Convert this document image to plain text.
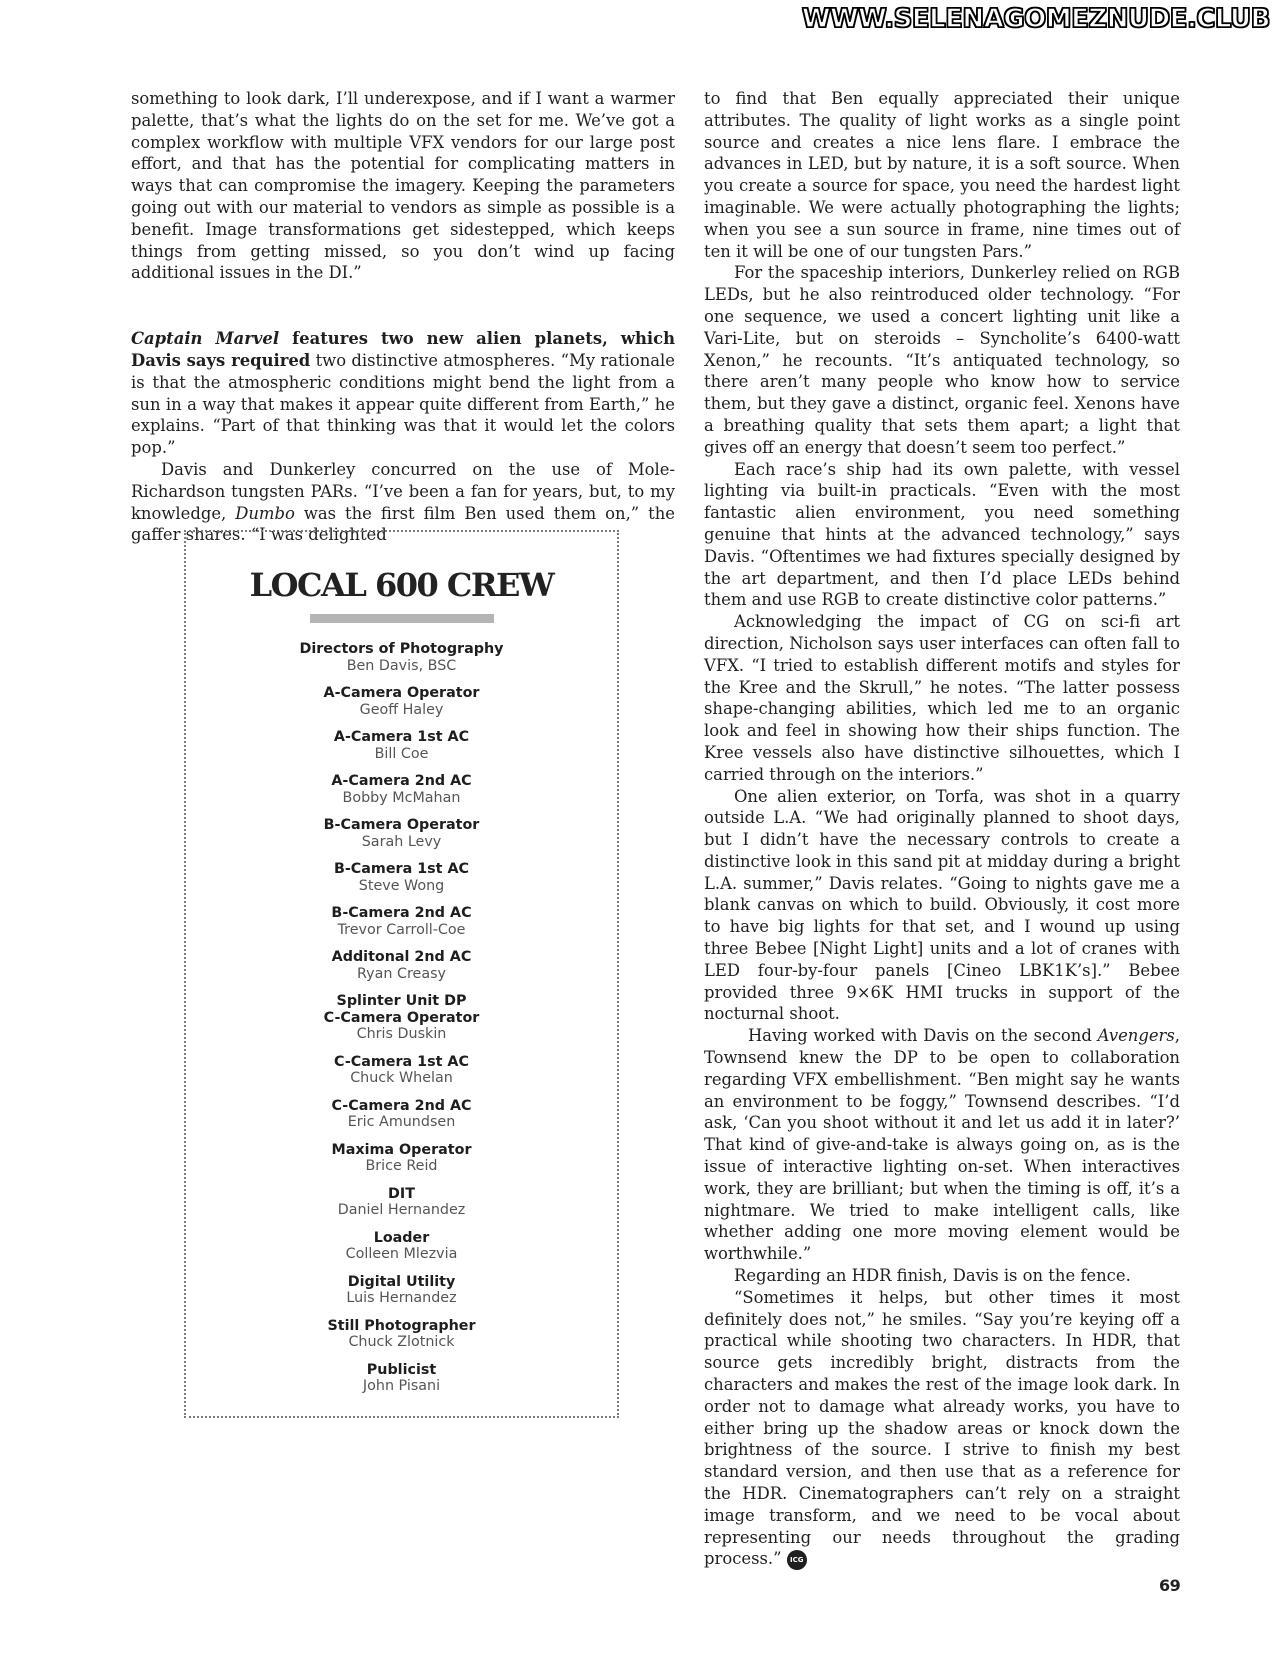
WWW.SELENAGOMEZNUDE.CLUB

something to look dark, I’ll underexpose, and if I want a warmer palette, that’s what the lights do on the set for me. We’ve got a complex workflow with multiple VFX vendors for our large post effort, and that has the potential for complicating matters in ways that can compromise the imagery. Keeping the parameters going out with our material to vendors as simple as possible is a benefit. Image transformations get sidestepped, which keeps things from getting missed, so you don’t wind up facing additional issues in the DI.”

Captain Marvel features two new alien planets, which Davis says required two distinctive atmospheres. “My rationale is that the atmospheric conditions might bend the light from a sun in a way that makes it appear quite different from Earth,” he explains. “Part of that thinking was that it would let the colors pop.”

Davis and Dunkerley concurred on the use of Mole-Richardson tungsten PARs. “I’ve been a fan for years, but, to my knowledge, Dumbo was the first film Ben used them on,” the gaffer shares. “I was delighted

LOCAL 600 CREW
Directors of Photography
Ben Davis, BSC
A-Camera Operator
Geoff Haley
A-Camera 1st AC
Bill Coe
A-Camera 2nd AC
Bobby McMahan
B-Camera Operator
Sarah Levy
B-Camera 1st AC
Steve Wong
B-Camera 2nd AC
Trevor Carroll-Coe
Additonal 2nd AC
Ryan Creasy
Splinter Unit DP
C-Camera Operator
Chris Duskin
C-Camera 1st AC
Chuck Whelan
C-Camera 2nd AC
Eric Amundsen
Maxima Operator
Brice Reid
DIT
Daniel Hernandez
Loader
Colleen Mlezvia
Digital Utility
Luis Hernandez
Still Photographer
Chuck Zlotnick
Publicist
John Pisani

to find that Ben equally appreciated their unique attributes. The quality of light works as a single point source and creates a nice lens flare. I embrace the advances in LED, but by nature, it is a soft source. When you create a source for space, you need the hardest light imaginable. We were actually photographing the lights; when you see a sun source in frame, nine times out of ten it will be one of our tungsten Pars.”

For the spaceship interiors, Dunkerley relied on RGB LEDs, but he also reintroduced older technology. “For one sequence, we used a concert lighting unit like a Vari-Lite, but on steroids – Syncholite’s 6400-watt Xenon,” he recounts. “It’s antiquated technology, so there aren’t many people who know how to service them, but they gave a distinct, organic feel. Xenons have a breathing quality that sets them apart; a light that gives off an energy that doesn’t seem too perfect.”

Each race’s ship had its own palette, with vessel lighting via built-in practicals. “Even with the most fantastic alien environment, you need something genuine that hints at the advanced technology,” says Davis. “Oftentimes we had fixtures specially designed by the art department, and then I’d place LEDs behind them and use RGB to create distinctive color patterns.”

Acknowledging the impact of CG on sci-fi art direction, Nicholson says user interfaces can often fall to VFX. “I tried to establish different motifs and styles for the Kree and the Skrull,” he notes. “The latter possess shape-changing abilities, which led me to an organic look and feel in showing how their ships function. The Kree vessels also have distinctive silhouettes, which I carried through on the interiors.”

One alien exterior, on Torfa, was shot in a quarry outside L.A. “We had originally planned to shoot days, but I didn’t have the necessary controls to create a distinctive look in this sand pit at midday during a bright L.A. summer,” Davis relates. “Going to nights gave me a blank canvas on which to build. Obviously, it cost more to have big lights for that set, and I wound up using three Bebee [Night Light] units and a lot of cranes with LED four-by-four panels [Cineo LBK1K’s].” Bebee provided three 9×6K HMI trucks in support of the nocturnal shoot.

Having worked with Davis on the second Avengers, Townsend knew the DP to be open to collaboration regarding VFX embellishment. “Ben might say he wants an environment to be foggy,” Townsend describes. “I’d ask, ‘Can you shoot without it and let us add it in later?’ That kind of give-and-take is always going on, as is the issue of interactive lighting on-set. When interactives work, they are brilliant; but when the timing is off, it’s a nightmare. We tried to make intelligent calls, like whether adding one more moving element would be worthwhile.”

Regarding an HDR finish, Davis is on the fence.

“Sometimes it helps, but other times it most definitely does not,” he smiles. “Say you’re keying off a practical while shooting two characters. In HDR, that source gets incredibly bright, distracts from the characters and makes the rest of the image look dark. In order not to damage what already works, you have to either bring up the shadow areas or knock down the brightness of the source. I strive to finish my best standard version, and then use that as a reference for the HDR. Cinematographers can’t rely on a straight image transform, and we need to be vocal about representing our needs throughout the grading process.” ICG

69
